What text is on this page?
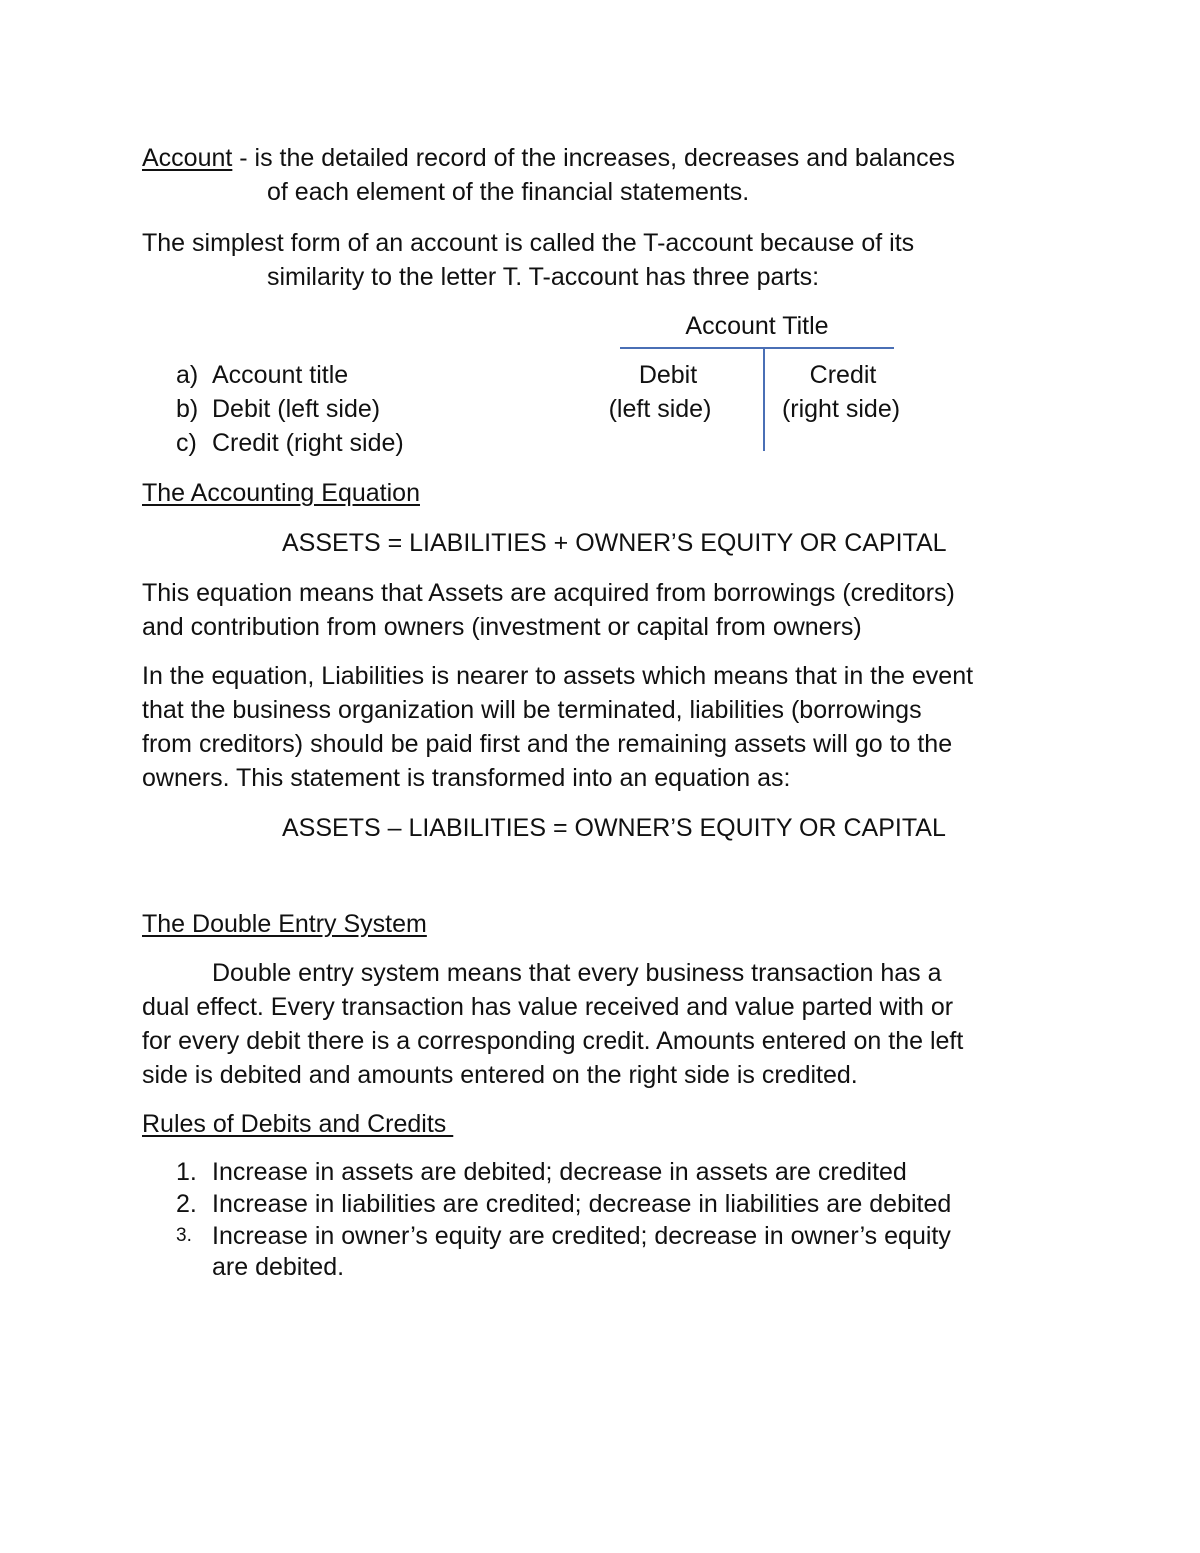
Account - is the detailed record of the increases, decreases and balances
of each element of the financial statements.
The simplest form of an account is called the T-account because of its
similarity to the letter T. T-account has three parts:
a) Account title
b) Debit (left side)
c) Credit (right side)
Account Title
Debit
(left side)
Credit
(right side)
The Accounting Equation
ASSETS = LIABILITIES + OWNER’S EQUITY OR CAPITAL
This equation means that Assets are acquired from borrowings (creditors)
and contribution from owners (investment or capital from owners)
In the equation, Liabilities is nearer to assets which means that in the event
that the business organization will be terminated, liabilities (borrowings
from creditors) should be paid first and the remaining assets will go to the
owners. This statement is transformed into an equation as:
ASSETS – LIABILITIES = OWNER’S EQUITY OR CAPITAL
The Double Entry System
Double entry system means that every business transaction has a
dual effect. Every transaction has value received and value parted with or
for every debit there is a corresponding credit. Amounts entered on the left
side is debited and amounts entered on the right side is credited.
Rules of Debits and Credits
1. Increase in assets are debited; decrease in assets are credited
2. Increase in liabilities are credited; decrease in liabilities are debited
3. Increase in owner’s equity are credited; decrease in owner’s equity
are debited.
